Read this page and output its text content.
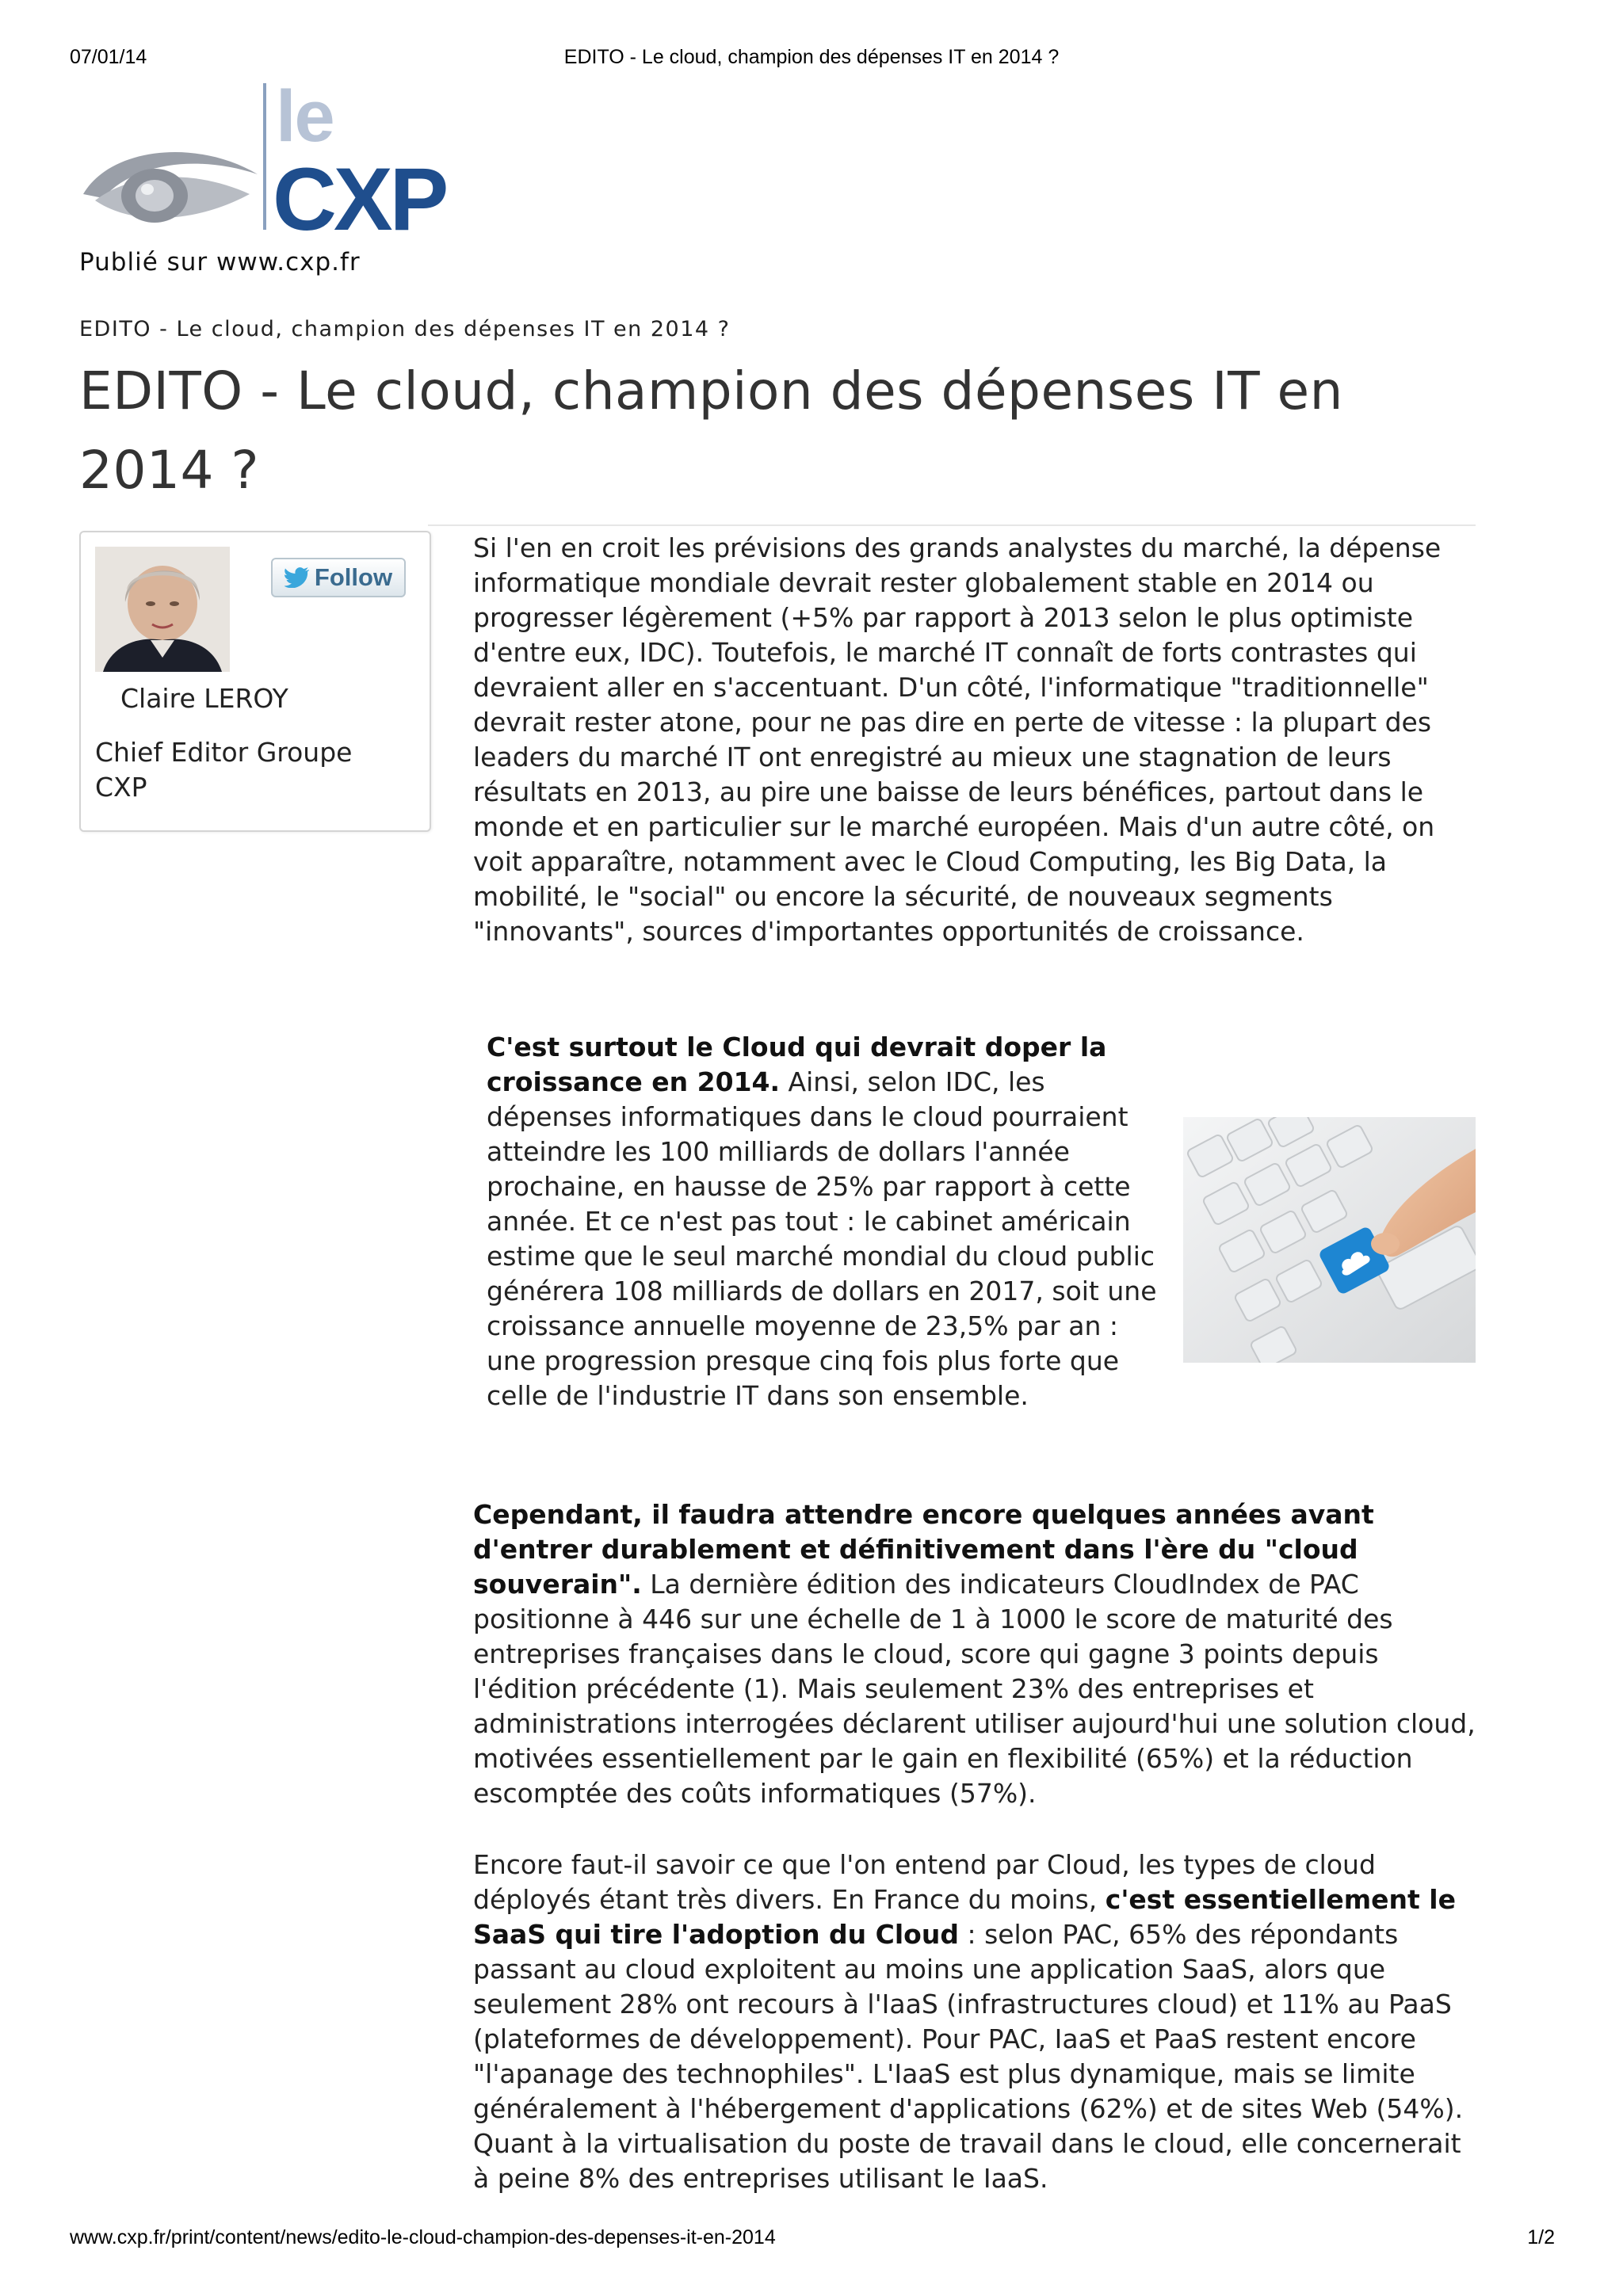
07/01/14	EDITO - Le cloud, champion des dépenses IT en 2014 ?
le
CXP
Publié sur www.cxp.fr
EDITO - Le cloud, champion des dépenses IT en 2014 ?
EDITO - Le cloud, champion des dépenses IT en 2014 ?
Follow
Claire LEROY
Chief Editor Groupe CXP

Si l'en en croit les prévisions des grands analystes du marché, la dépense informatique mondiale devrait rester globalement stable en 2014 ou progresser légèrement (+5% par rapport à 2013 selon le plus optimiste d'entre eux, IDC). Toutefois, le marché IT connaît de forts contrastes qui devraient aller en s'accentuant. D'un côté, l'informatique "traditionnelle" devrait rester atone, pour ne pas dire en perte de vitesse : la plupart des leaders du marché IT ont enregistré au mieux une stagnation de leurs résultats en 2013, au pire une baisse de leurs bénéfices, partout dans le monde et en particulier sur le marché européen. Mais d'un autre côté, on voit apparaître, notamment avec le Cloud Computing, les Big Data, la mobilité, le "social" ou encore la sécurité, de nouveaux segments "innovants", sources d'importantes opportunités de croissance.

C'est surtout le Cloud qui devrait doper la croissance en 2014. Ainsi, selon IDC, les dépenses informatiques dans le cloud pourraient atteindre les 100 milliards de dollars l'année prochaine, en hausse de 25% par rapport à cette année. Et ce n'est pas tout : le cabinet américain estime que le seul marché mondial du cloud public générera 108 milliards de dollars en 2017, soit une croissance annuelle moyenne de 23,5% par an : une progression presque cinq fois plus forte que celle de l'industrie IT dans son ensemble.

Cependant, il faudra attendre encore quelques années avant d'entrer durablement et définitivement dans l'ère du "cloud souverain". La dernière édition des indicateurs CloudIndex de PAC positionne à 446 sur une échelle de 1 à 1000 le score de maturité des entreprises françaises dans le cloud, score qui gagne 3 points depuis l'édition précédente (1). Mais seulement 23% des entreprises et administrations interrogées déclarent utiliser aujourd'hui une solution cloud, motivées essentiellement par le gain en flexibilité (65%) et la réduction escomptée des coûts informatiques (57%).

Encore faut-il savoir ce que l'on entend par Cloud, les types de cloud déployés étant très divers. En France du moins, c'est essentiellement le SaaS qui tire l'adoption du Cloud : selon PAC, 65% des répondants passant au cloud exploitent au moins une application SaaS, alors que seulement 28% ont recours à l'IaaS (infrastructures cloud) et 11% au PaaS (plateformes de développement). Pour PAC, IaaS et PaaS restent encore "l'apanage des technophiles". L'IaaS est plus dynamique, mais se limite généralement à l'hébergement d'applications (62%) et de sites Web (54%). Quant à la virtualisation du poste de travail dans le cloud, elle concernerait à peine 8% des entreprises utilisant le IaaS.

www.cxp.fr/print/content/news/edito-le-cloud-champion-des-depenses-it-en-2014	1/2
